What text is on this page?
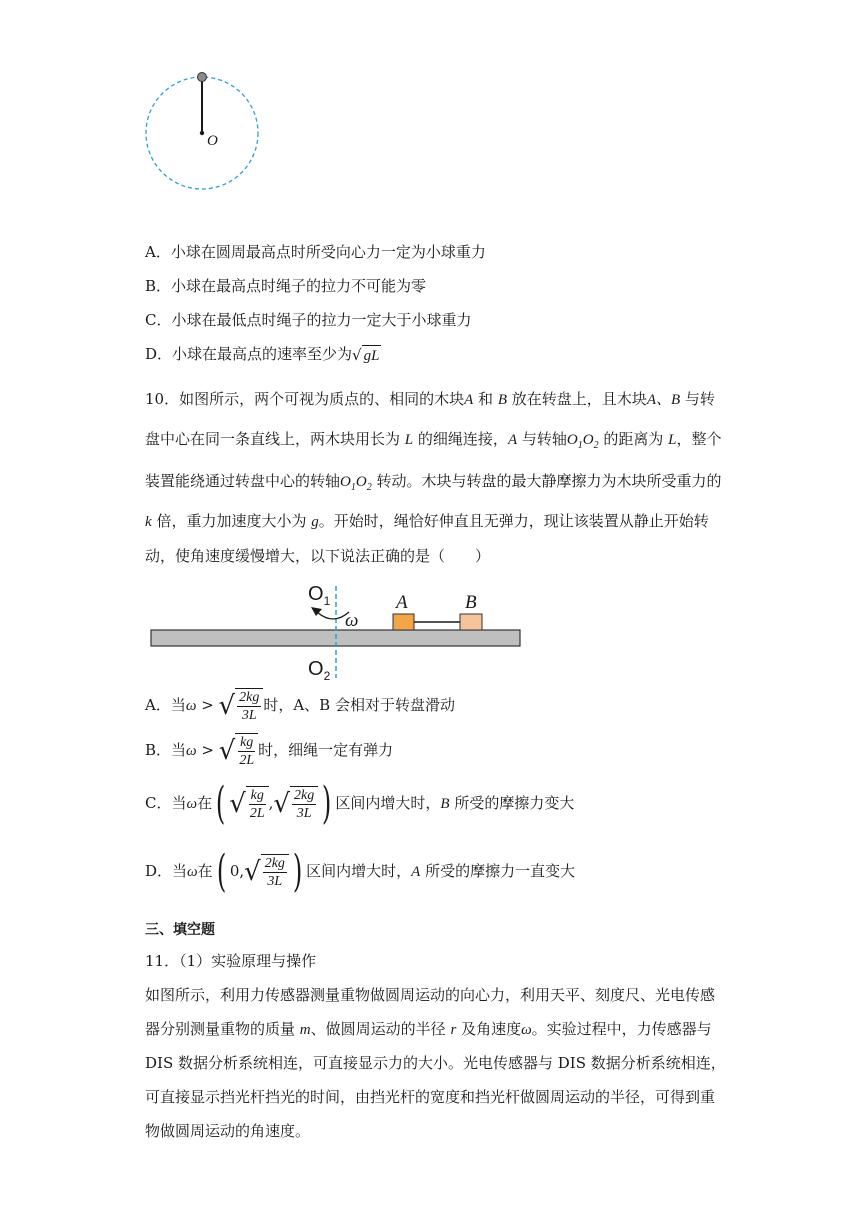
O
A．小球在圆周最高点时所受向心力一定为小球重力
B．小球在最高点时绳子的拉力不可能为零
C．小球在最低点时绳子的拉力一定大于小球重力
D．小球在最高点的速率至少为 √ gL
10．如图所示，两个可视为质点的、相同的木块A 和 B 放在转盘上，且木块A、B 与转
盘中心在同一条直线上，两木块用长为 L 的细绳连接，A 与转轴$O_1O_2$ 的距离为 L，整个
装置能绕通过转盘中心的转轴$O_1O_2$ 转动。木块与转盘的最大静摩擦力为木块所受重力的
k 倍，重力加速度大小为 g。开始时，绳恰好伸直且无弹力，现让该装置从静止开始转
动，使角速度缓慢增大，以下说法正确的是（　　）
$O_1$
$O_2$
ω
A	B
A．当ω > √ $\frac{2kg}{3L}$ 时，A、B 会相对于转盘滑动
B．当ω > √ $\frac{kg}{2L}$ 时，细绳一定有弹力
C．当ω在( √ $\frac{kg}{2L}$ , √ $\frac{2kg}{3L}$ ) 区间内增大时，B 所受的摩擦力变大
D．当ω在( 0, √ $\frac{2kg}{3L}$ ) 区间内增大时，A 所受的摩擦力一直变大
三、填空题
11．（1）实验原理与操作
如图所示，利用力传感器测量重物做圆周运动的向心力，利用天平、刻度尺、光电传感
器分别测量重物的质量 m、做圆周运动的半径 r 及角速度ω。实验过程中，力传感器与
DIS 数据分析系统相连，可直接显示力的大小。光电传感器与 DIS 数据分析系统相连，
可直接显示挡光杆挡光的时间，由挡光杆的宽度和挡光杆做圆周运动的半径，可得到重
物做圆周运动的角速度。
